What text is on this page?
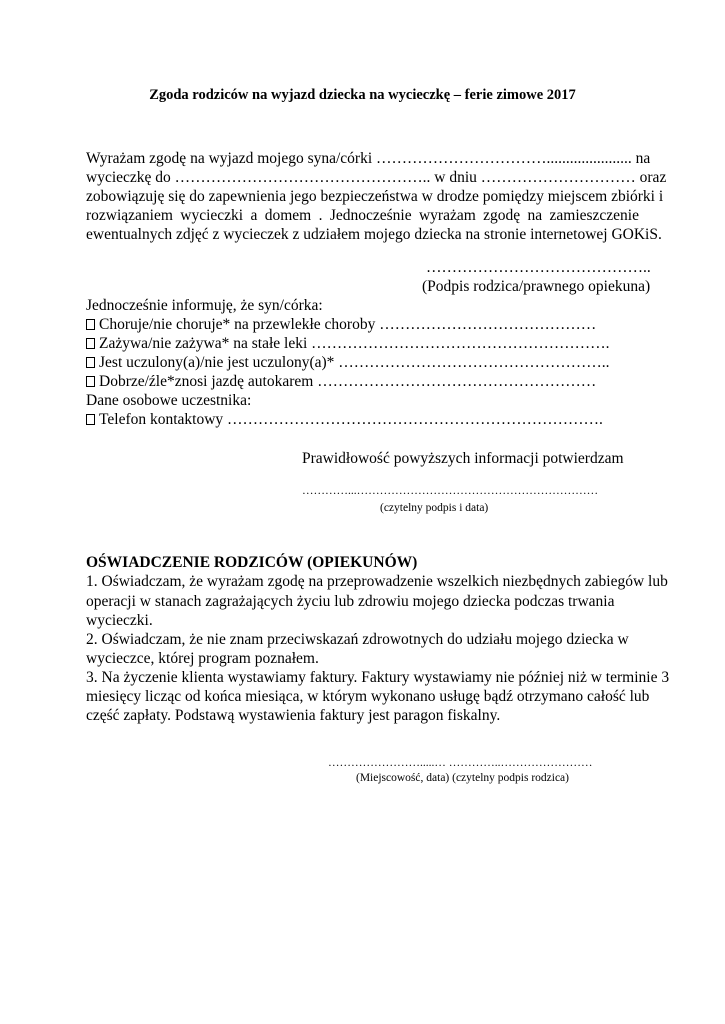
Zgoda rodziców na wyjazd dziecka na wycieczkę – ferie zimowe 2017
Wyrażam zgodę na wyjazd mojego syna/córki ……………………………...................... na
wycieczkę do ………………………………………….. w dniu ………………………… oraz
zobowiązuję się do zapewnienia jego bezpieczeństwa w drodze pomiędzy miejscem zbiórki i
rozwiązaniem wycieczki a domem . Jednocześnie wyrażam zgodę na zamieszczenie
ewentualnych zdjęć z wycieczek z udziałem mojego dziecka na stronie internetowej GOKiS.
……………………………………..
(Podpis rodzica/prawnego opiekuna)
Jednocześnie informuję, że syn/córka:
Choruje/nie choruje* na przewlekłe choroby ……………………………………
Zażywa/nie zażywa* na stałe leki ………………………………………………….
Jest uczulony(a)/nie jest uczulony(a)* ……………………………………………..
Dobrze/źle*znosi jazdę autokarem ………………………………………………
Dane osobowe uczestnika:
Telefon kontaktowy ……………………………………………………………….
Prawidłowość powyższych informacji potwierdzam
…………...………………………………………………………
(czytelny podpis i data)
OŚWIADCZENIE RODZICÓW (OPIEKUNÓW)
1. Oświadczam, że wyrażam zgodę na przeprowadzenie wszelkich niezbędnych zabiegów lub
operacji w stanach zagrażających życiu lub zdrowiu mojego dziecka podczas trwania
wycieczki.
2. Oświadczam, że nie znam przeciwskazań zdrowotnych do udziału mojego dziecka w
wycieczce, której program poznałem.
3. Na życzenie klienta wystawiamy faktury. Faktury wystawiamy nie później niż w terminie 3
miesięcy licząc od końca miesiąca, w którym wykonano usługę bądź otrzymano całość lub
część zapłaty. Podstawą wystawienia faktury jest paragon fiskalny.
…………………….....… …………..……………………
(Miejscowość, data) (czytelny podpis rodzica)
